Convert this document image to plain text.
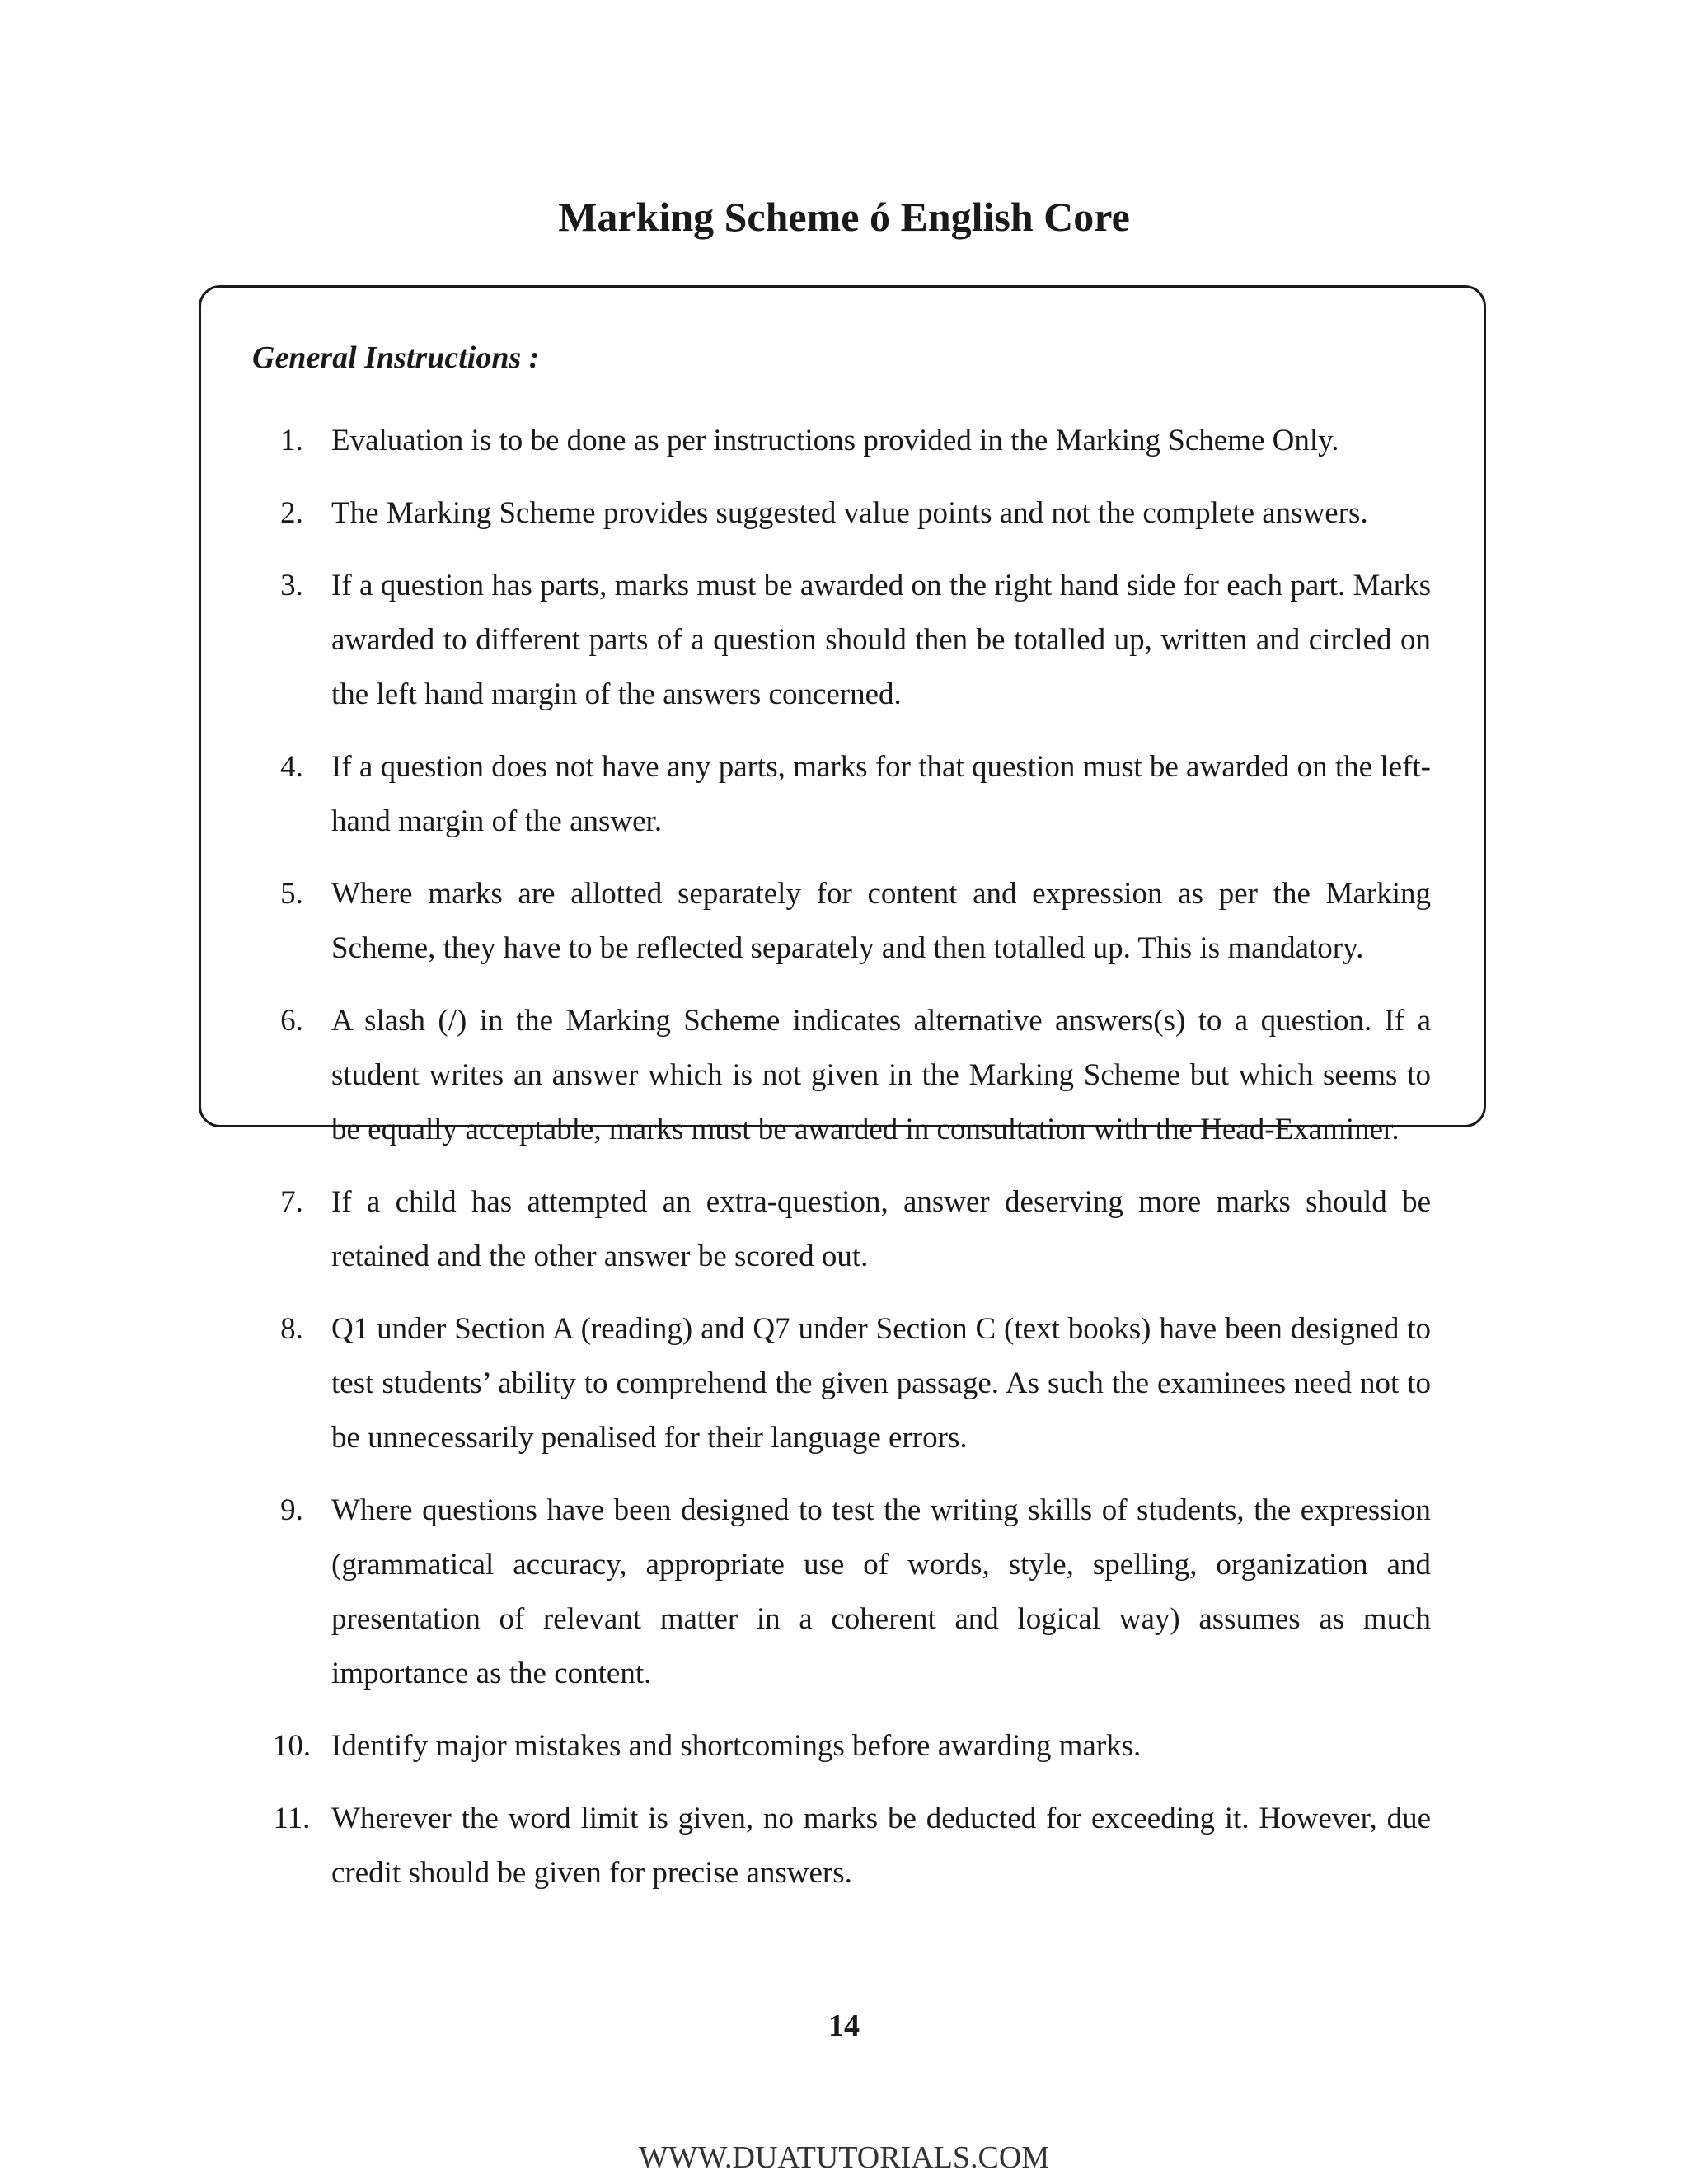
Marking Scheme ó English Core
General Instructions :
1. Evaluation is to be done as per instructions provided in the Marking Scheme Only.
2. The Marking Scheme provides suggested value points and not the complete answers.
3. If a question has parts, marks must be awarded on the right hand side for each part. Marks awarded to different parts of a question should then be totalled up, written and circled on the left hand margin of the answers concerned.
4. If a question does not have any parts, marks for that question must be awarded on the left-hand margin of the answer.
5. Where marks are allotted separately for content and expression as per the Marking Scheme, they have to be reflected separately and then totalled up. This is mandatory.
6. A slash (/) in the Marking Scheme indicates alternative answers(s) to a question. If a student writes an answer which is not given in the Marking Scheme but which seems to be equally acceptable, marks must be awarded in consultation with the Head-Examiner.
7. If a child has attempted an extra-question, answer deserving more marks should be retained and the other answer be scored out.
8. Q1 under Section A (reading) and Q7 under Section C (text books) have been designed to test students’ ability to comprehend the given passage. As such the examinees need not to be unnecessarily penalised for their language errors.
9. Where questions have been designed to test the writing skills of students, the expression (grammatical accuracy, appropriate use of words, style, spelling, organization and presentation of relevant matter in a coherent and logical way) assumes as much importance as the content.
10. Identify major mistakes and shortcomings before awarding marks.
11. Wherever the word limit is given, no marks be deducted for exceeding it. However, due credit should be given for precise answers.

14

WWW.DUATUTORIALS.COM
